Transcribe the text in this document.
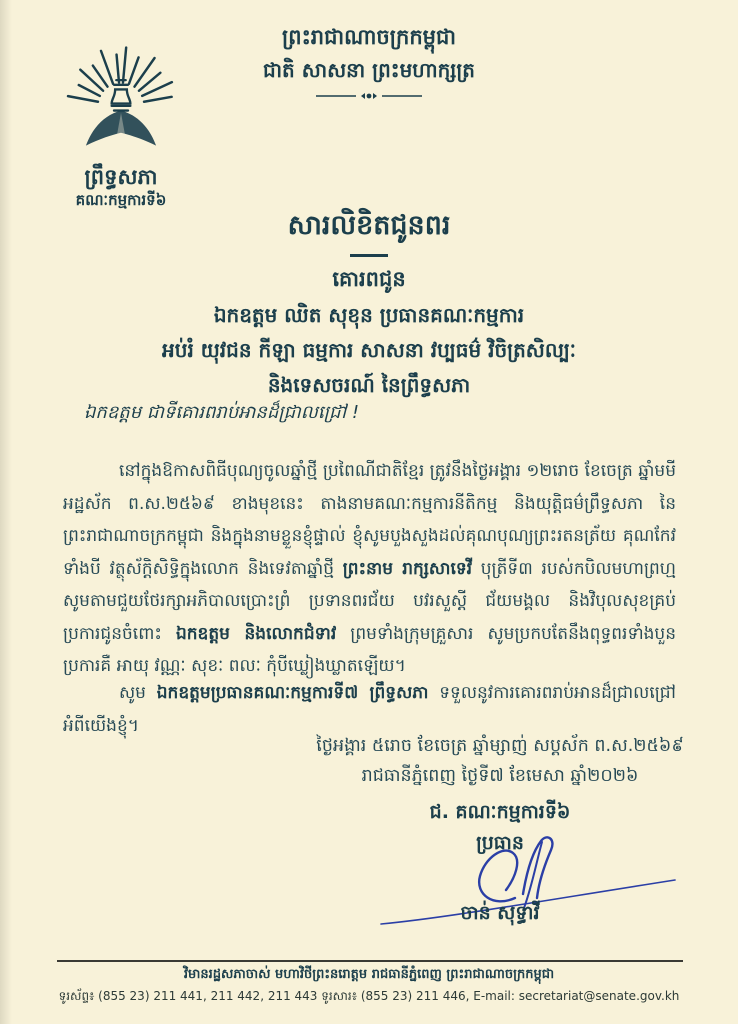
ព្រះរាជាណាចក្រកម្ពុជា
ជាតិ សាសនា ព្រះមហាក្សត្រ
ព្រឹទ្ធសភា
គណៈកម្មការទី៦
សារលិខិតជូនពរ
គោរពជូន
ឯកឧត្តម ឈិត សុខុន ប្រធានគណៈកម្មការ
អប់រំ យុវជន កីឡា ធម្មការ សាសនា វប្បធម៌ វិចិត្រសិល្បៈ
និងទេសចរណ៍ នៃព្រឹទ្ធសភា
ឯកឧត្តម ជាទីគោរពរាប់អានដ៏ជ្រាលជ្រៅ !

នៅក្នុងឱកាសពិធីបុណ្យចូលឆ្នាំថ្មី ប្រពៃណីជាតិខ្មែរ ត្រូវនឹងថ្ងៃអង្គារ ១២រោច ខែចេត្រ ឆ្នាំមមី អដ្ឋស័ក ព.ស.២៥៦៩ ខាងមុខនេះ តាងនាមគណៈកម្មការនីតិកម្ម និងយុត្តិធម៌ព្រឹទ្ធសភា នៃព្រះរាជាណាចក្រកម្ពុជា និងក្នុងនាមខ្លួនខ្ញុំផ្ទាល់ ខ្ញុំសូមបួងសួងដល់គុណបុណ្យព្រះរតនត្រ័យ គុណកែវទាំងបី វត្ថុស័ក្តិសិទ្ធិក្នុងលោក និងទេវតាឆ្នាំថ្មី ព្រះនាម រាក្សសាទេវី បុត្រីទី៣ របស់កបិលមហាព្រហ្ម សូមតាមជួយថែរក្សាអភិបាលប្រោះព្រំ ប្រទានពរជ័យ បវរសួស្តី ជ័យមង្គល និងវិបុលសុខគ្រប់ប្រការជូនចំពោះ ឯកឧត្តម និងលោកជំទាវ ព្រមទាំងក្រុមគ្រួសារ សូមប្រកបតែនឹងពុទ្ធពរទាំងបួនប្រការគឺ អាយុ វណ្ណៈ សុខៈ ពលៈ កុំបីឃ្លៀងឃ្លាតឡើយ។

សូម ឯកឧត្តមប្រធានគណៈកម្មការទី៧ ព្រឹទ្ធសភា ទទួលនូវការគោរពរាប់អានដ៏ជ្រាលជ្រៅអំពីយើងខ្ញុំ។

ថ្ងៃអង្គារ ៥រោច ខែចេត្រ ឆ្នាំម្សាញ់ សប្តស័ក ព.ស.២៥៦៩
រាជធានីភ្នំពេញ ថ្ងៃទី៧ ខែមេសា ឆ្នាំ២០២៦
ជ. គណៈកម្មការទី៦
ប្រធាន
ចាន់ សុទ្ធាវី
វិមានរដ្ឋសភាចាស់ មហាវិថីព្រះនរោត្តម រាជធានីភ្នំពេញ ព្រះរាជាណាចក្រកម្ពុជា
ទូរស័ព្ទ៖ (855 23) 211 441, 211 442, 211 443 ទូរសារ៖ (855 23) 211 446, E-mail: secretariat@senate.gov.kh
